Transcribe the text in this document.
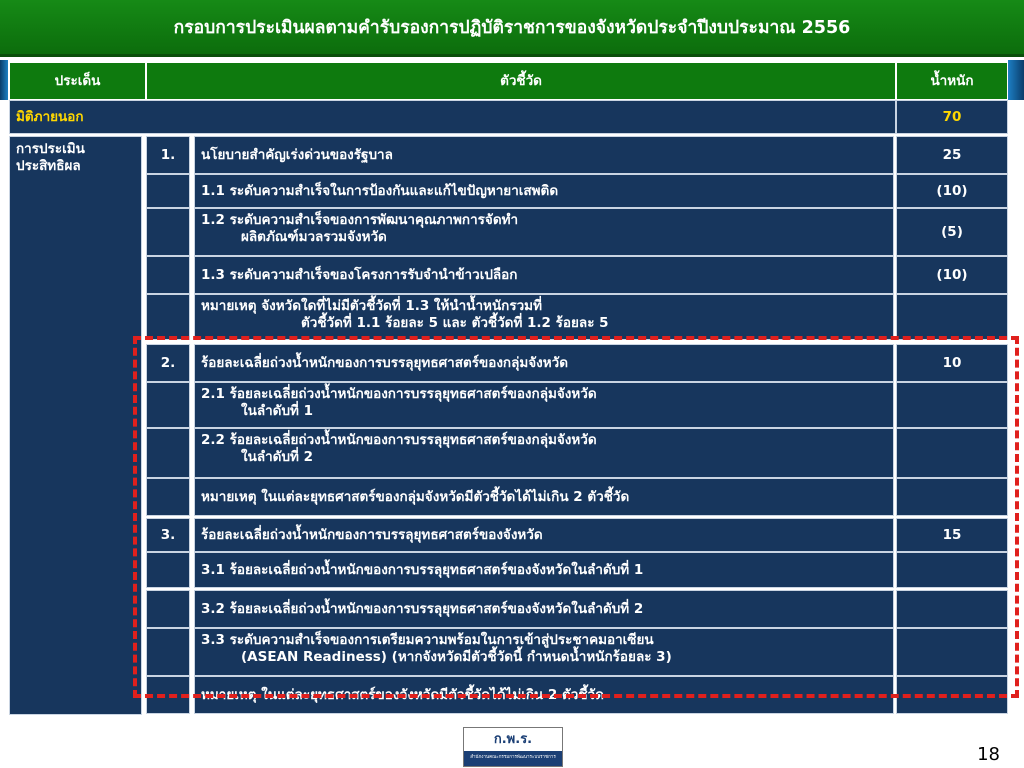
กรอบการประเมินผลตามคำรับรองการปฏิบัติราชการของจังหวัดประจำปีงบประมาณ 2556
ประเด็น	ตัวชี้วัด	น้ำหนัก
มิติภายนอก	70
การประเมิน ประสิทธิผล
1.	นโยบายสำคัญเร่งด่วนของรัฐบาล	25
1.1 ระดับความสำเร็จในการป้องกันและแก้ไขปัญหายาเสพติด	(10)
1.2 ระดับความสำเร็จของการพัฒนาคุณภาพการจัดทำ
ผลิตภัณฑ์มวลรวมจังหวัด	(5)
1.3 ระดับความสำเร็จของโครงการรับจำนำข้าวเปลือก	(10)
หมายเหตุ จังหวัดใดที่ไม่มีตัวชี้วัดที่ 1.3 ให้นำน้ำหนักรวมที่
ตัวชี้วัดที่ 1.1 ร้อยละ 5 และ ตัวชี้วัดที่ 1.2 ร้อยละ 5
2.	ร้อยละเฉลี่ยถ่วงน้ำหนักของการบรรลุยุทธศาสตร์ของกลุ่มจังหวัด	10
2.1 ร้อยละเฉลี่ยถ่วงน้ำหนักของการบรรลุยุทธศาสตร์ของกลุ่มจังหวัด
ในลำดับที่ 1
2.2 ร้อยละเฉลี่ยถ่วงน้ำหนักของการบรรลุยุทธศาสตร์ของกลุ่มจังหวัด
ในลำดับที่ 2
หมายเหตุ ในแต่ละยุทธศาสตร์ของกลุ่มจังหวัดมีตัวชี้วัดได้ไม่เกิน 2 ตัวชี้วัด
3.	ร้อยละเฉลี่ยถ่วงน้ำหนักของการบรรลุยุทธศาสตร์ของจังหวัด	15
3.1 ร้อยละเฉลี่ยถ่วงน้ำหนักของการบรรลุยุทธศาสตร์ของจังหวัดในลำดับที่ 1
3.2 ร้อยละเฉลี่ยถ่วงน้ำหนักของการบรรลุยุทธศาสตร์ของจังหวัดในลำดับที่ 2
3.3 ระดับความสำเร็จของการเตรียมความพร้อมในการเข้าสู่ประชาคมอาเซียน
(ASEAN Readiness) (หากจังหวัดมีตัวชี้วัดนี้ กำหนดน้ำหนักร้อยละ 3)
หมายเหตุ ในแต่ละยุทธศาสตร์ของจังหวัดมีตัวชี้วัดได้ไม่เกิน 2 ตัวชี้วัด
ก.พ.ร.
สำนักงานคณะกรรมการพัฒนาระบบราชการ	18
